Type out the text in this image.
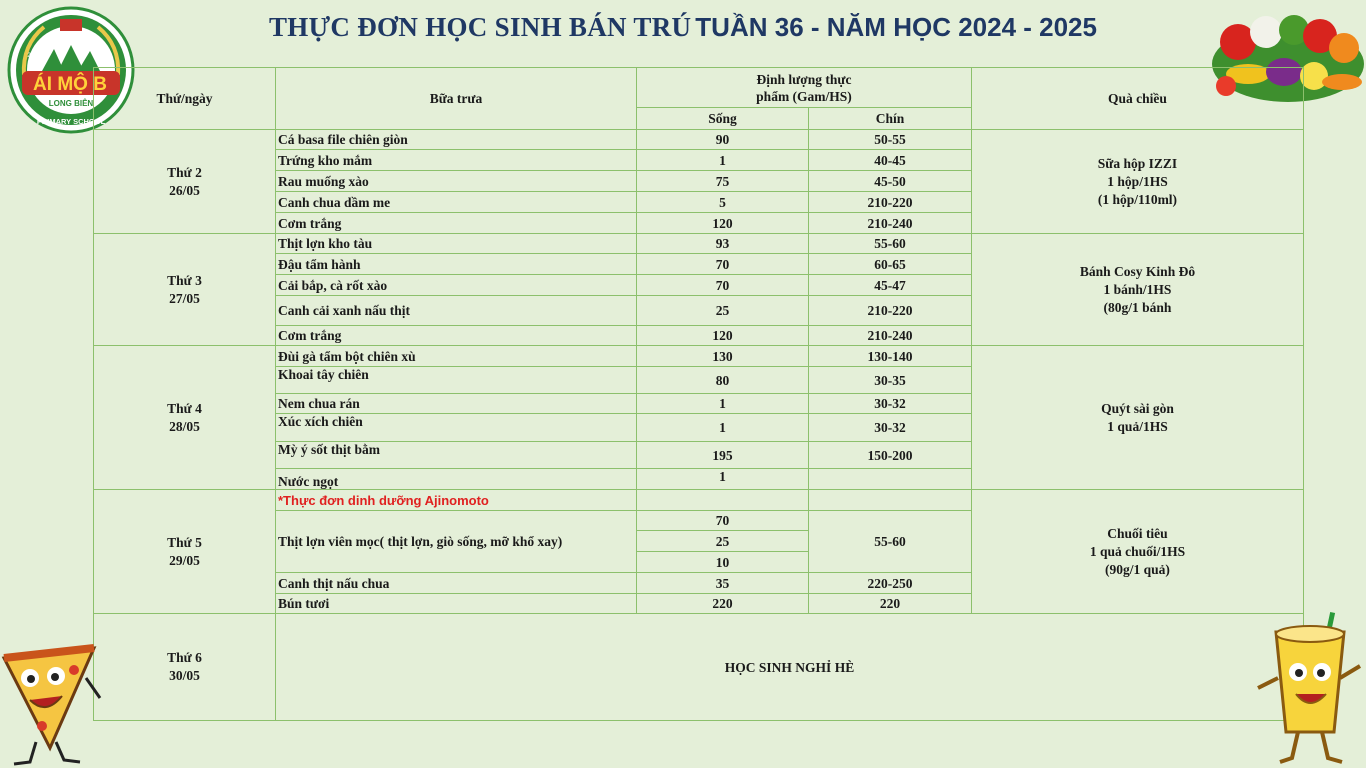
ÁI MỘ B
LONG BIÊN
PRIMARY SCHOOL
2015
THỰC ĐƠN HỌC SINH BÁN TRÚ TUẦN 36 - NĂM HỌC 2024 - 2025
Thứ/ngày	Bữa trưa	Định lượng thực phẩm (Gam/HS)		Quà chiều
		Sống	Chín	

Thứ 2
26/05	Cá basa file chiên giòn	90	50-55	Sữa hộp IZZI
1 hộp/1HS
(1 hộp/110ml)

	Trứng kho mắm	1	40-45	
	Rau muống xào	75	45-50	
	Canh chua dầm me	5	210-220	
	Cơm trắng	120	210-240	

Thứ 3
27/05	Thịt lợn kho tàu	93	55-60	Bánh Cosy Kinh Đô
1 bánh/1HS
(80g/1 bánh

	Đậu tẩm hành	70	60-65	
	Cải bắp, cà rốt xào	70	45-47	
	Canh cải xanh nấu thịt	25	210-220	
	Cơm trắng	120	210-240	

Thứ 4
28/05	Đùi gà tẩm bột chiên xù	130	130-140	Quýt sài gòn
1 quả/1HS

	Khoai tây chiên	80	30-35	
	Nem chua rán	1	30-32	
	Xúc xích chiên	1	30-32	
	Mỳ ý sốt thịt bằm	195	150-200	
	Nước ngọt	1		

Thứ 5
29/05	*Thực đơn dinh dưỡng Ajinomoto			Chuối tiêu
1 quả chuối/1HS
(90g/1 quả)

	Thịt lợn viên mọc( thịt lợn, giò sống, mỡ khổ xay)	70	55-60	
		25		
		10		
	Canh thịt nấu chua	35	220-250	
	Bún tươi	220	220	

Thứ 6
30/05	HỌC SINH NGHỈ HÈ			
